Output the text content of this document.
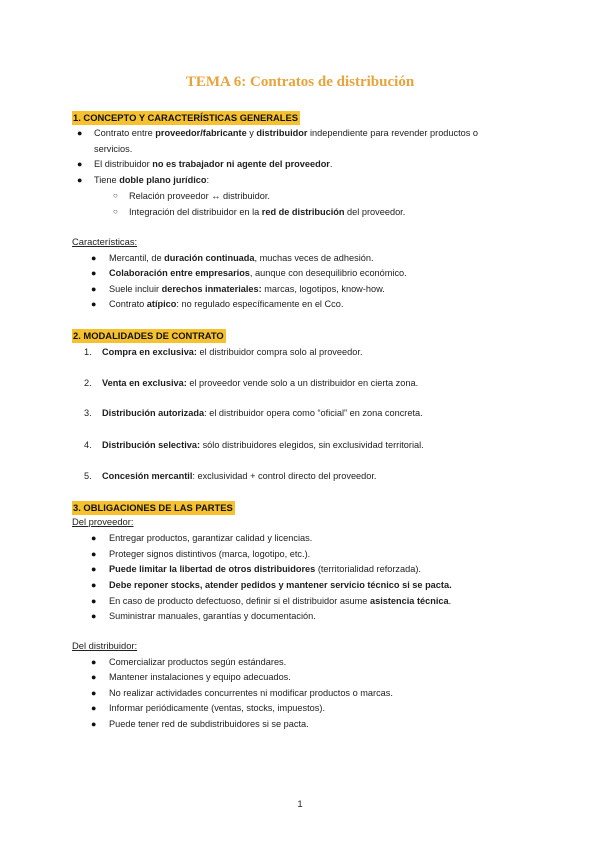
TEMA 6: Contratos de distribución
1. CONCEPTO Y CARACTERÍSTICAS GENERALES
● Contrato entre proveedor/fabricante y distribuidor independiente para revender productos o

servicios.

● El distribuidor no es trabajador ni agente del proveedor.

● Tiene doble plano jurídico:

○ Relación proveedor ↔ distribuidor.

○ Integración del distribuidor en la red de distribución del proveedor.

Características:

● Mercantil, de duración continuada, muchas veces de adhesión.

● Colaboración entre empresarios, aunque con desequilibrio económico.

● Suele incluir derechos inmateriales: marcas, logotipos, know-how.

● Contrato atípico: no regulado específicamente en el Cco.

2. MODALIDADES DE CONTRATO
1. Compra en exclusiva: el distribuidor compra solo al proveedor.

2. Venta en exclusiva: el proveedor vende solo a un distribuidor en cierta zona.

3. Distribución autorizada: el distribuidor opera como “oficial” en zona concreta.

4. Distribución selectiva: sólo distribuidores elegidos, sin exclusividad territorial.

5. Concesión mercantil: exclusividad + control directo del proveedor.

3. OBLIGACIONES DE LAS PARTES

Del proveedor:

● Entregar productos, garantizar calidad y licencias.

● Proteger signos distintivos (marca, logotipo, etc.).

● Puede limitar la libertad de otros distribuidores (territorialidad reforzada).

● Debe reponer stocks, atender pedidos y mantener servicio técnico si se pacta.

● En caso de producto defectuoso, definir si el distribuidor asume asistencia técnica.

● Suministrar manuales, garantías y documentación.

Del distribuidor:

● Comercializar productos según estándares.

● Mantener instalaciones y equipo adecuados.

● No realizar actividades concurrentes ni modificar productos o marcas.

● Informar periódicamente (ventas, stocks, impuestos).

● Puede tener red de subdistribuidores si se pacta.

1
